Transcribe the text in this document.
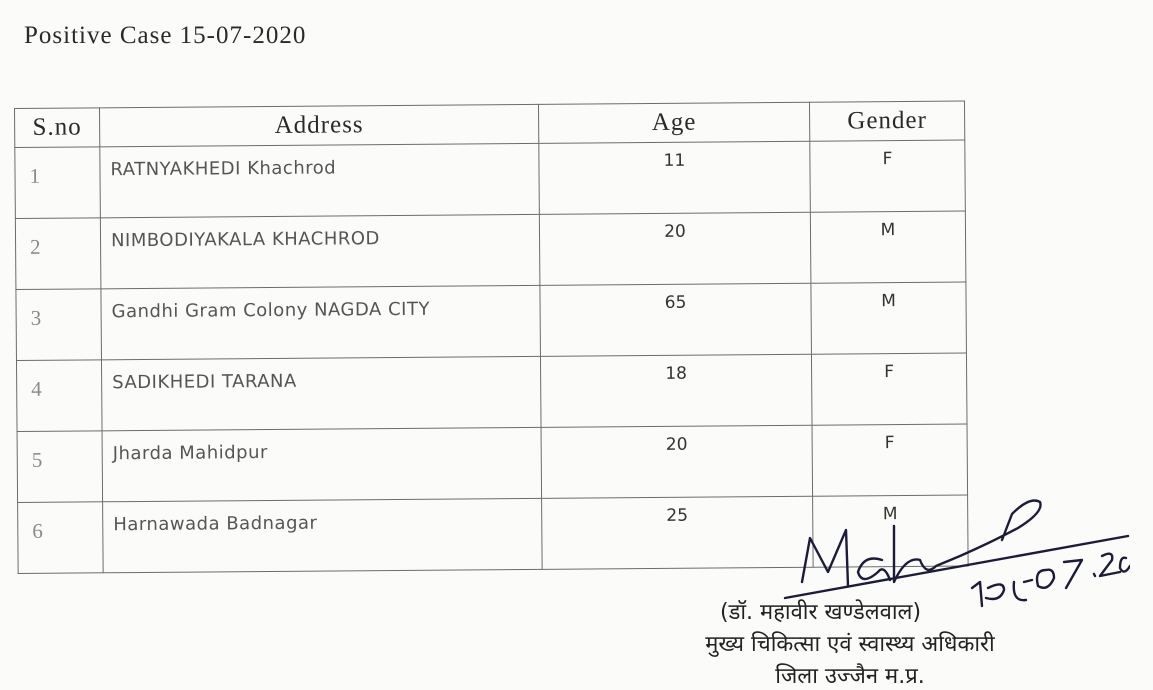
Positive Case 15-07-2020
S.no	Address	Age	Gender
1	RATNYAKHEDI Khachrod	11	F
2	NIMBODIYAKALA KHACHROD	20	M
3	Gandhi Gram Colony NAGDA CITY	65	M
4	SADIKHEDI TARANA	18	F
5	Jharda Mahidpur	20	F
6	Harnawada Badnagar	25	M
(डॉ. महावीर खण्डेलवाल)
मुख्य चिकित्सा एवं स्वास्थ्य अधिकारी
जिला उज्जैन म.प्र.
